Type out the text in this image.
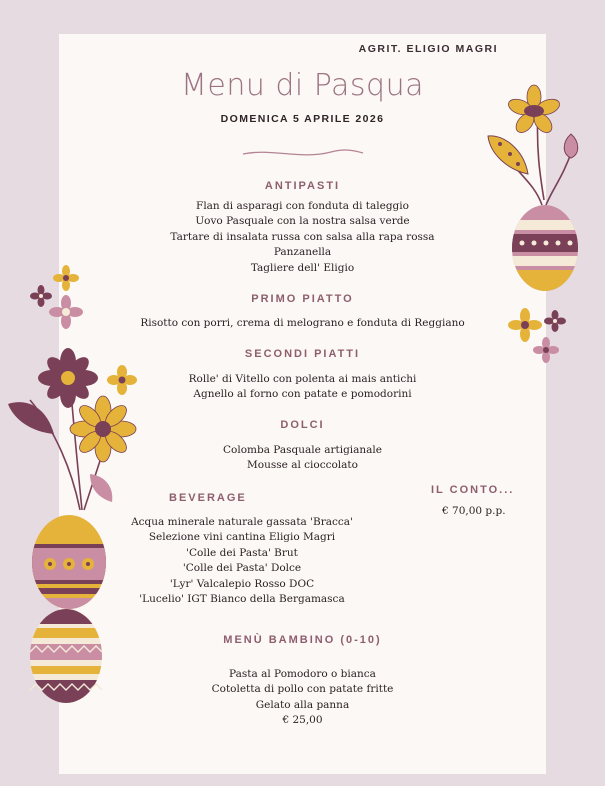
AGRIT. ELIGIO MAGRI
Menu di Pasqua
DOMENICA 5 APRILE 2026
ANTIPASTI
Flan di asparagi con fonduta di taleggio
Uovo Pasquale con la nostra salsa verde
Tartare di insalata russa con salsa alla rapa rossa
Panzanella
Tagliere dell' Eligio
PRIMO PIATTO
Risotto con porri, crema di melograno e fonduta di Reggiano
SECONDI PIATTI
Rolle' di Vitello con polenta ai mais antichi
Agnello al forno con patate e pomodorini
DOLCI
Colomba Pasquale artigianale
Mousse al cioccolato
BEVERAGE
Acqua minerale naturale gassata 'Bracca'
Selezione vini cantina Eligio Magri
'Colle dei Pasta' Brut
'Colle dei Pasta' Dolce
'Lyr' Valcalepio Rosso DOC
'Lucelio' IGT Bianco della Bergamasca
IL CONTO...
€ 70,00 p.p.
MENÙ BAMBINO (0-10)
Pasta al Pomodoro o bianca
Cotoletta di pollo con patate fritte
Gelato alla panna
€ 25,00
